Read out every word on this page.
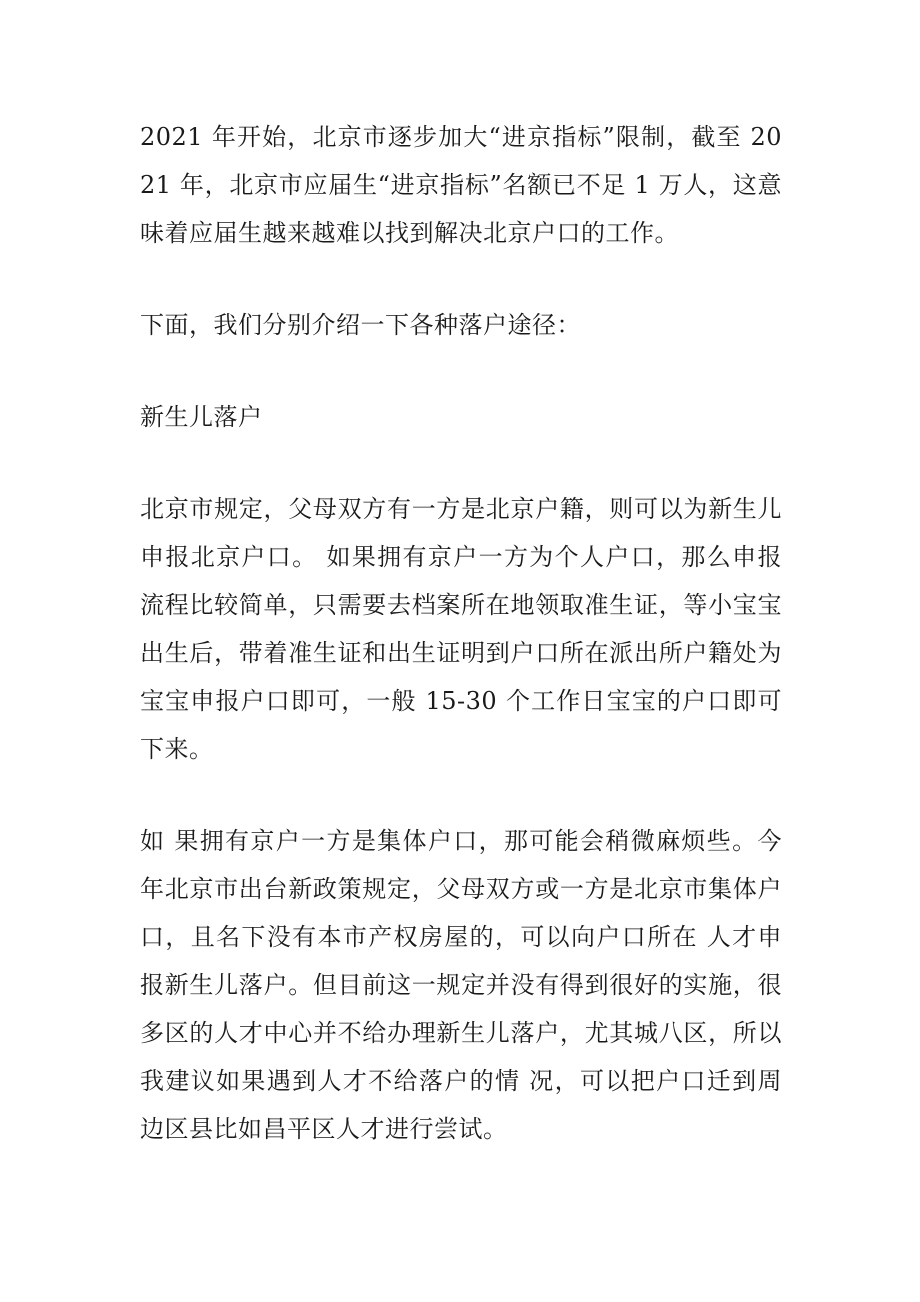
2021 年开始，北京市逐步加大“进京指标”限制，截至 2021 年，北京市应届生“进京指标”名额已不足 1 万人，这意味着应届生越来越难以找到解决北京户口的工作。

下面，我们分别介绍一下各种落户途径：

新生儿落户

北京市规定，父母双方有一方是北京户籍，则可以为新生儿申报北京户口。 如果拥有京户一方为个人户口，那么申报流程比较简单，只需要去档案所在地领取准生证，等小宝宝出生后，带着准生证和出生证明到户口所在派出所户籍处为宝宝申报户口即可，一般 15-30 个工作日宝宝的户口即可下来。

如 果拥有京户一方是集体户口，那可能会稍微麻烦些。今年北京市出台新政策规定，父母双方或一方是北京市集体户口，且名下没有本市产权房屋的，可以向户口所在 人才申报新生儿落户。但目前这一规定并没有得到很好的实施，很多区的人才中心并不给办理新生儿落户，尤其城八区，所以我建议如果遇到人才不给落户的情 况，可以把户口迁到周边区县比如昌平区人才进行尝试。
